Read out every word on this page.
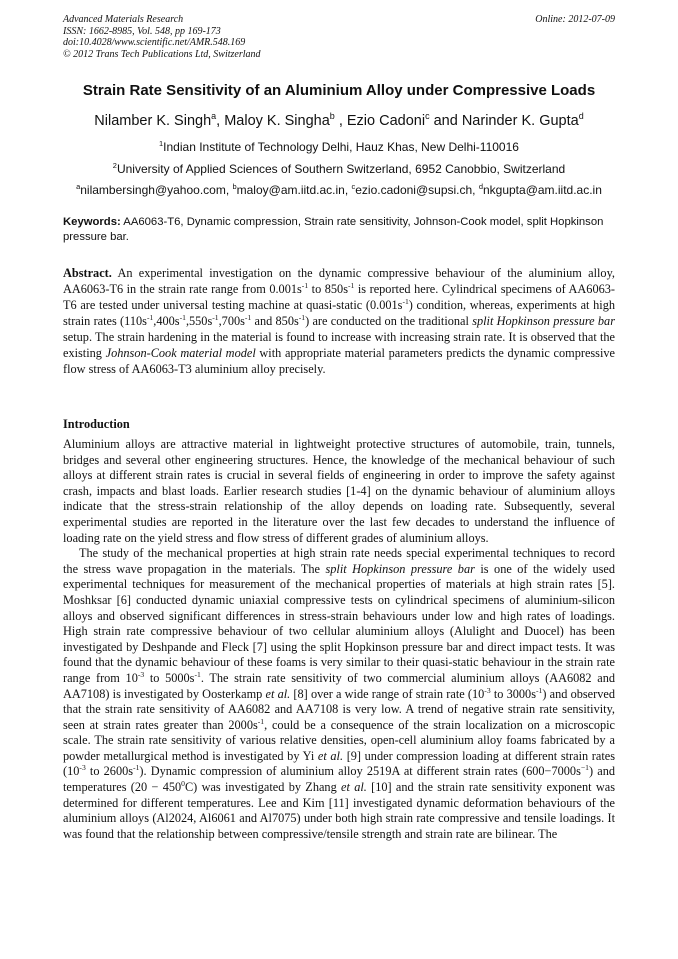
Advanced Materials Research
ISSN: 1662-8985, Vol. 548, pp 169-173
doi:10.4028/www.scientific.net/AMR.548.169
© 2012 Trans Tech Publications Ltd, Switzerland
Online: 2012-07-09
Strain Rate Sensitivity of an Aluminium Alloy under Compressive Loads
Nilamber K. Singh$^a$, Maloy K. Singha$^b$ , Ezio Cadoni$^c$ and Narinder K. Gupta$^d$
$^1$Indian Institute of Technology Delhi, Hauz Khas, New Delhi-110016
$^2$University of Applied Sciences of Southern Switzerland, 6952 Canobbio, Switzerland
$^a$nilambersingh@yahoo.com, $^b$maloy@am.iitd.ac.in, $^c$ezio.cadoni@supsi.ch, $^d$nkgupta@am.iitd.ac.in
Keywords: AA6063-T6, Dynamic compression, Strain rate sensitivity, Johnson-Cook model, split Hopkinson pressure bar.
Abstract. An experimental investigation on the dynamic compressive behaviour of the aluminium alloy, AA6063-T6 in the strain rate range from $0.001s^{-1}$ to $850s^{-1}$ is reported here. Cylindrical specimens of AA6063-T6 are tested under universal testing machine at quasi-static $(0.001s^{-1})$ condition, whereas, experiments at high strain rates ($110s^{-1},400s^{-1},550s^{-1},700s^{-1}$ and $850s^{-1}$) are conducted on the traditional split Hopkinson pressure bar setup. The strain hardening in the material is found to increase with increasing strain rate. It is observed that the existing Johnson-Cook material model with appropriate material parameters predicts the dynamic compressive flow stress of AA6063-T3 aluminium alloy precisely.
Introduction

Aluminium alloys are attractive material in lightweight protective structures of automobile, train, tunnels, bridges and several other engineering structures. Hence, the knowledge of the mechanical behaviour of such alloys at different strain rates is crucial in several fields of engineering in order to improve the safety against crash, impacts and blast loads. Earlier research studies [1-4] on the dynamic behaviour of aluminium alloys indicate that the stress-strain relationship of the alloy depends on loading rate. Subsequently, several experimental studies are reported in the literature over the last few decades to understand the influence of loading rate on the yield stress and flow stress of different grades of aluminium alloys.

The study of the mechanical properties at high strain rate needs special experimental techniques to record the stress wave propagation in the materials. The split Hopkinson pressure bar is one of the widely used experimental techniques for measurement of the mechanical properties of materials at high strain rates [5]. Moshksar [6] conducted dynamic uniaxial compressive tests on cylindrical specimens of aluminium-silicon alloys and observed significant differences in stress-strain behaviours under low and high rates of loadings. High strain rate compressive behaviour of two cellular aluminium alloys (Alulight and Duocel) has been investigated by Deshpande and Fleck [7] using the split Hopkinson pressure bar and direct impact tests. It was found that the dynamic behaviour of these foams is very similar to their quasi-static behaviour in the strain rate range from $10^{-3}$ to $5000s^{-1}$. The strain rate sensitivity of two commercial aluminium alloys (AA6082 and AA7108) is investigated by Oosterkamp et al. [8] over a wide range of strain rate ($10^{-3}$ to $3000s^{-1}$) and observed that the strain rate sensitivity of AA6082 and AA7108 is very low. A trend of negative strain rate sensitivity, seen at strain rates greater than $2000s^{-1}$, could be a consequence of the strain localization on a microscopic scale. The strain rate sensitivity of various relative densities, open-cell aluminium alloy foams fabricated by a powder metallurgical method is investigated by Yi et al. [9] under compression loading at different strain rates ($10^{-3}$ to $2600s^{-1}$). Dynamic compression of aluminium alloy 2519A at different strain rates $(600-7000s^{-1})$ and temperatures $(20 - 450^0C)$ was investigated by Zhang et al. [10] and the strain rate sensitivity exponent was determined for different temperatures. Lee and Kim [11] investigated dynamic deformation behaviours of the aluminium alloys (Al2024, Al6061 and Al7075) under both high strain rate compressive and tensile loadings. It was found that the relationship between compressive/tensile strength and strain rate are bilinear. The
